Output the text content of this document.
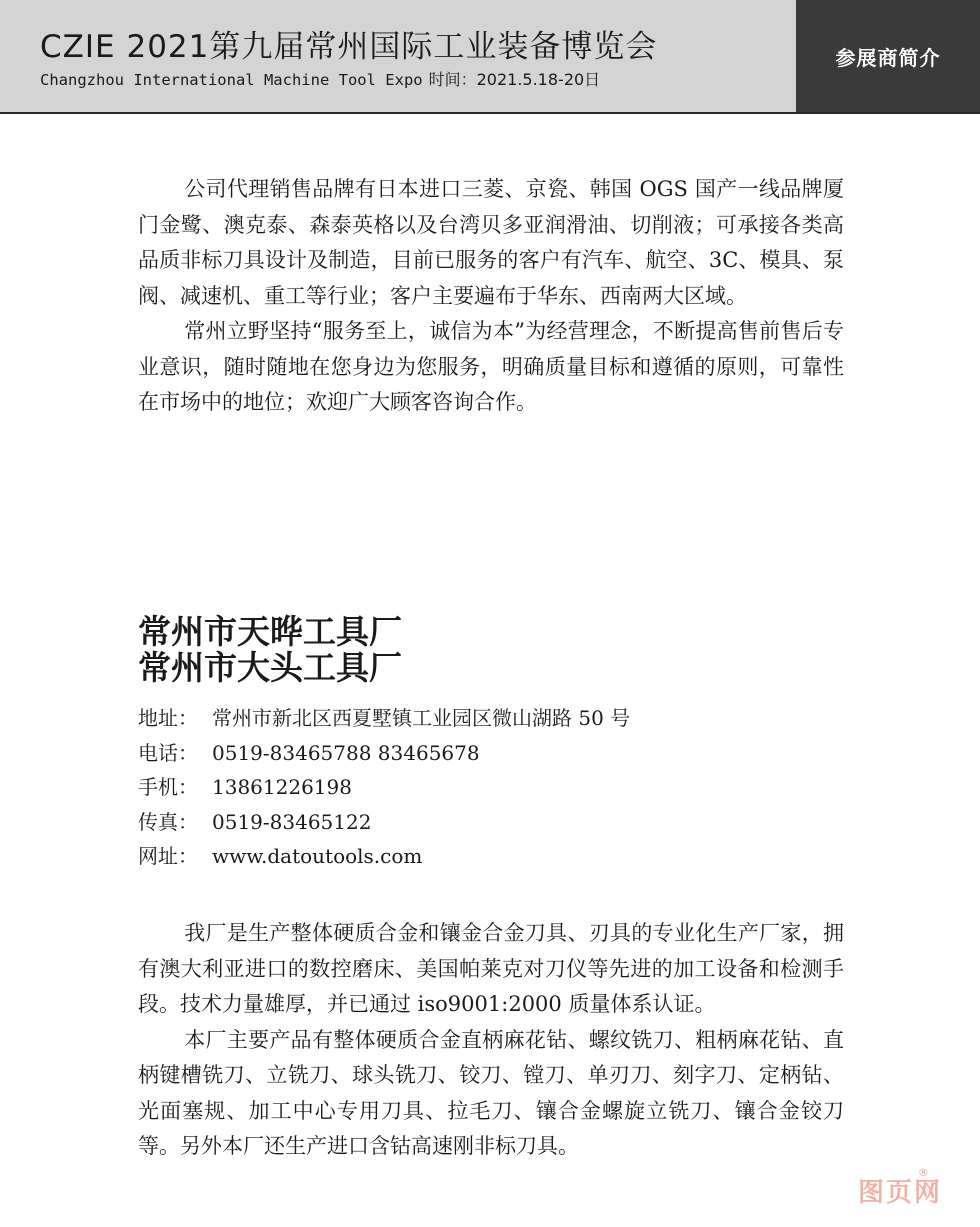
CZIE 2021第九届常州国际工业装备博览会

Changzhou International Machine Tool Expo 时间：2021.5.18-20日

参展商简介

公司代理销售品牌有日本进口三菱、京瓷、韩国 OGS 国产一线品牌厦门金鹭、澳克泰、森泰英格以及台湾贝多亚润滑油、切削液；可承接各类高品质非标刀具设计及制造，目前已服务的客户有汽车、航空、3C、模具、泵阀、减速机、重工等行业；客户主要遍布于华东、西南两大区域。

常州立野坚持“服务至上，诚信为本”为经营理念，不断提高售前售后专业意识，随时随地在您身边为您服务，明确质量目标和遵循的原则，可靠性在市场中的地位；欢迎广大顾客咨询合作。

常州市天晔工具厂
常州市大头工具厂
地址： 常州市新北区西夏墅镇工业园区微山湖路 50 号
电话： 0519-83465788 83465678
手机： 13861226198
传真： 0519-83465122
网址： www.datoutools.com

我厂是生产整体硬质合金和镶金合金刀具、刃具的专业化生产厂家，拥有澳大利亚进口的数控磨床、美国帕莱克对刀仪等先进的加工设备和检测手段。技术力量雄厚，并已通过 iso9001:2000 质量体系认证。

本厂主要产品有整体硬质合金直柄麻花钻、螺纹铣刀、粗柄麻花钻、直柄键槽铣刀、立铣刀、球头铣刀、铰刀、镗刀、单刃刀、刻字刀、定柄钻、光面塞规、加工中心专用刀具、拉毛刀、镶合金螺旋立铣刀、镶合金铰刀等。另外本厂还生产进口含钴高速刚非标刀具。

图页网
®
